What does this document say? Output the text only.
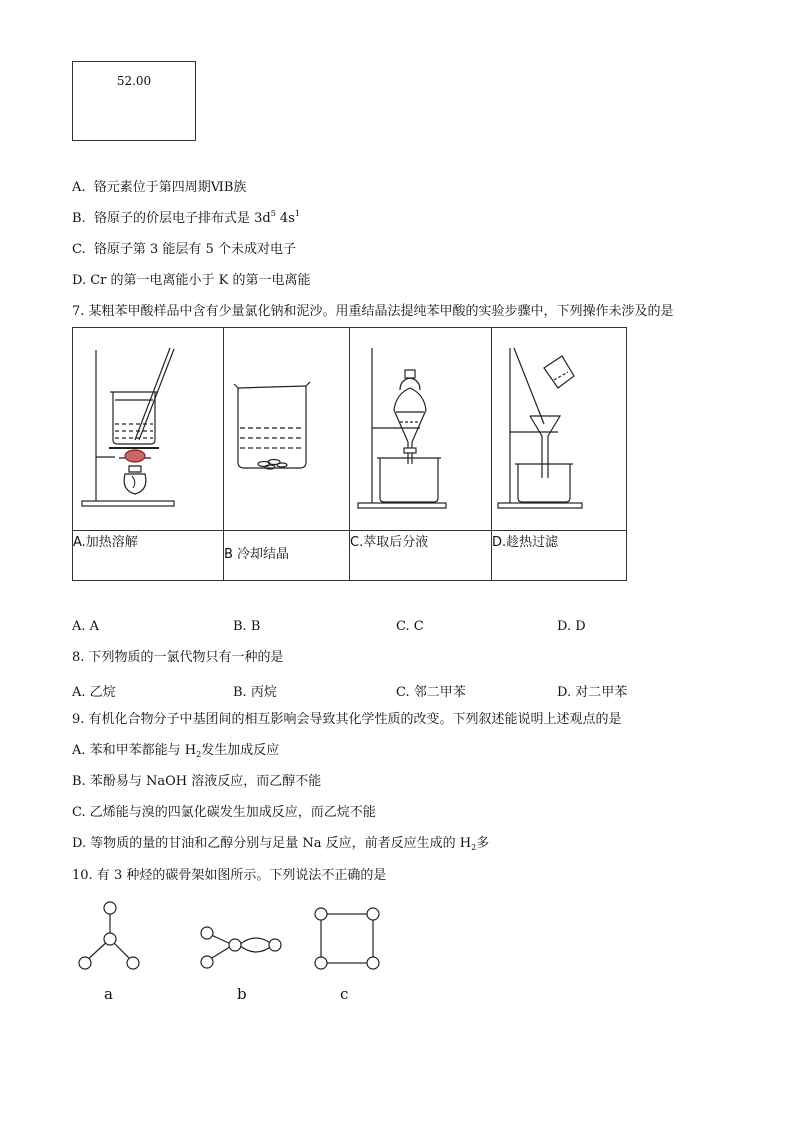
52.00
A. 铬元素位于第四周期ⅥB族
B. 铬原子的价层电子排布式是 $3d^5$ $4s^1$
C. 铬原子第 3 能层有 5 个未成对电子
D. Cr 的第一电离能小于 K 的第一电离能
7. 某粗苯甲酸样品中含有少量氯化钠和泥沙。用重结晶法提纯苯甲酸的实验步骤中，下列操作未涉及的是

A.加热溶解	B 冷却结晶	C.萃取后分液	D.趁热过滤
A. A	B. B	C. C	D. D
8. 下列物质的一氯代物只有一种的是
A. 乙烷	B. 丙烷	C. 邻二甲苯	D. 对二甲苯
9. 有机化合物分子中基团间的相互影响会导致其化学性质的改变。下列叙述能说明上述观点的是
A. 苯和甲苯都能与 $H_2$发生加成反应
B. 苯酚易与 NaOH 溶液反应，而乙醇不能
C. 乙烯能与溴的四氯化碳发生加成反应，而乙烷不能
D. 等物质的量的甘油和乙醇分别与足量 Na 反应，前者反应生成的 $H_2$多
10. 有 3 种烃的碳骨架如图所示。下列说法不正确的是
a	b	c
